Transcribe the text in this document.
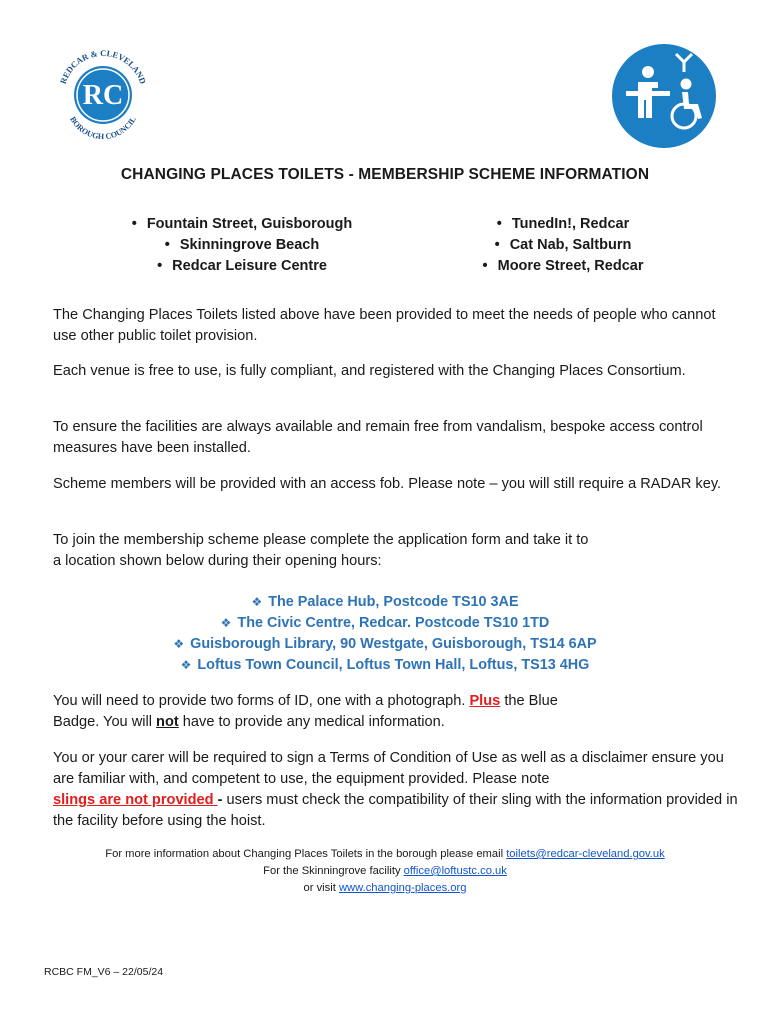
RC
REDCAR & CLEVELAND
BOROUGH COUNCIL
CHANGING PLACES TOILETS - MEMBERSHIP SCHEME INFORMATION
• Fountain Street, Guisborough
• Skinningrove Beach
• Redcar Leisure Centre
• TunedIn!, Redcar
• Cat Nab, Saltburn
• Moore Street, Redcar

The Changing Places Toilets listed above have been provided to meet the needs of people who cannot use other public toilet provision.

Each venue is free to use, is fully compliant, and registered with the Changing Places Consortium.

To ensure the facilities are always available and remain free from vandalism, bespoke access control measures have been installed.

Scheme members will be provided with an access fob. Please note – you will still require a RADAR key.

To join the membership scheme please complete the application form and take it to
a location shown below during their opening hours:

❖ The Palace Hub, Postcode TS10 3AE
❖ The Civic Centre, Redcar. Postcode TS10 1TD
❖ Guisborough Library, 90 Westgate, Guisborough, TS14 6AP
❖ Loftus Town Council, Loftus Town Hall, Loftus, TS13 4HG

You will need to provide two forms of ID, one with a photograph. Plus the Blue
Badge. You will not have to provide any medical information.

You or your carer will be required to sign a Terms of Condition of Use as well as a disclaimer ensure you are familiar with, and competent to use, the equipment provided. Please note
slings are not provided - users must check the compatibility of their sling with the information provided in the facility before using the hoist.

For more information about Changing Places Toilets in the borough please email toilets@redcar-cleveland.gov.uk
For the Skinningrove facility office@loftustc.co.uk
or visit www.changing-places.org
RCBC FM_V6 – 22/05/24
